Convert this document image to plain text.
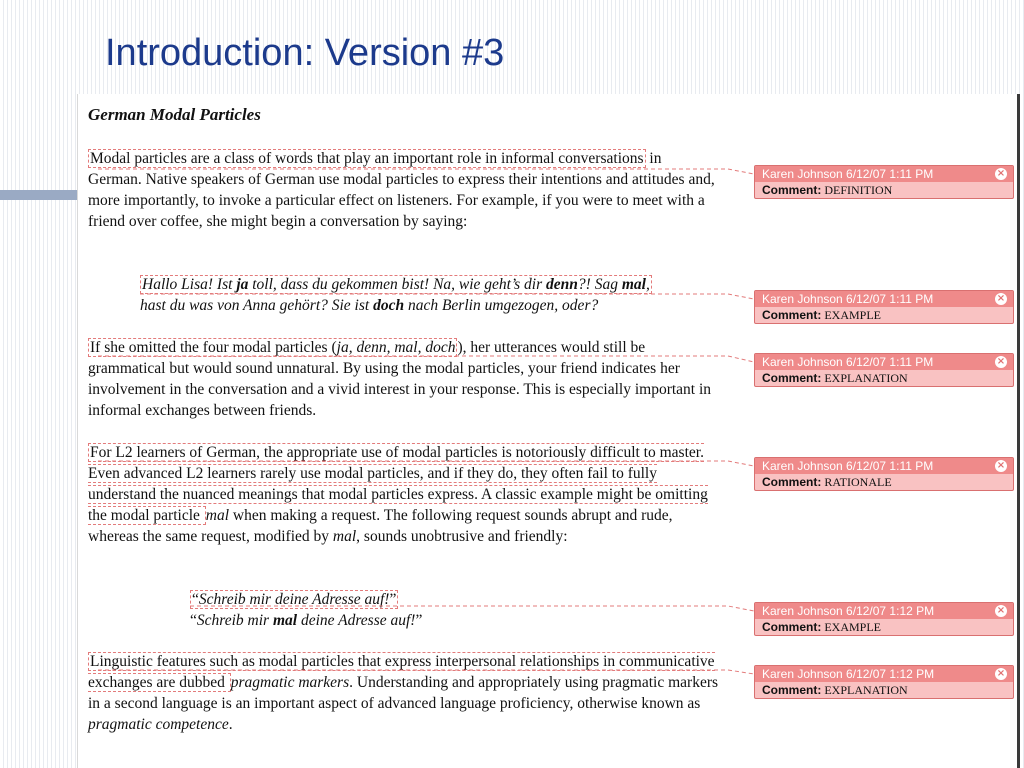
Introduction: Version #3
German Modal Particles

Modal particles are a class of words that play an important role in informal conversations in German. Native speakers of German use modal particles to express their intentions and attitudes and, more importantly, to invoke a particular effect on listeners. For example, if you were to meet with a friend over coffee, she might begin a conversation by saying:

Hallo Lisa! Ist ja toll, dass du gekommen bist! Na, wie geht’s dir denn?! Sag mal,
hast du was von Anna gehört? Sie ist doch nach Berlin umgezogen, oder?

If she omitted the four modal particles (ja, denn, mal, doch ), her utterances would still be grammatical but would sound unnatural. By using the modal particles, your friend indicates her involvement in the conversation and a vivid interest in your response. This is especially important in informal exchanges between friends.

For L2 learners of German, the appropriate use of modal particles is notoriously difficult to master. Even advanced L2 learners rarely use modal particles, and if they do, they often fail to fully understand the nuanced meanings that modal particles express. A classic example might be omitting the modal particle mal when making a request. The following request sounds abrupt and rude, whereas the same request, modified by mal, sounds unobtrusive and friendly:

“Schreib mir deine Adresse auf!”
“Schreib mir mal deine Adresse auf!”

Linguistic features such as modal particles that express interpersonal relationships in communicative exchanges are dubbed pragmatic markers. Understanding and appropriately using pragmatic markers in a second language is an important aspect of advanced language proficiency, otherwise known as pragmatic competence.

Karen Johnson 6/12/07 1:11 PM	×
Comment: DEFINITION
Karen Johnson 6/12/07 1:11 PM	×
Comment: EXAMPLE
Karen Johnson 6/12/07 1:11 PM	×
Comment: EXPLANATION
Karen Johnson 6/12/07 1:11 PM	×
Comment: RATIONALE
Karen Johnson 6/12/07 1:12 PM	×
Comment: EXAMPLE
Karen Johnson 6/12/07 1:12 PM	×
Comment: EXPLANATION
